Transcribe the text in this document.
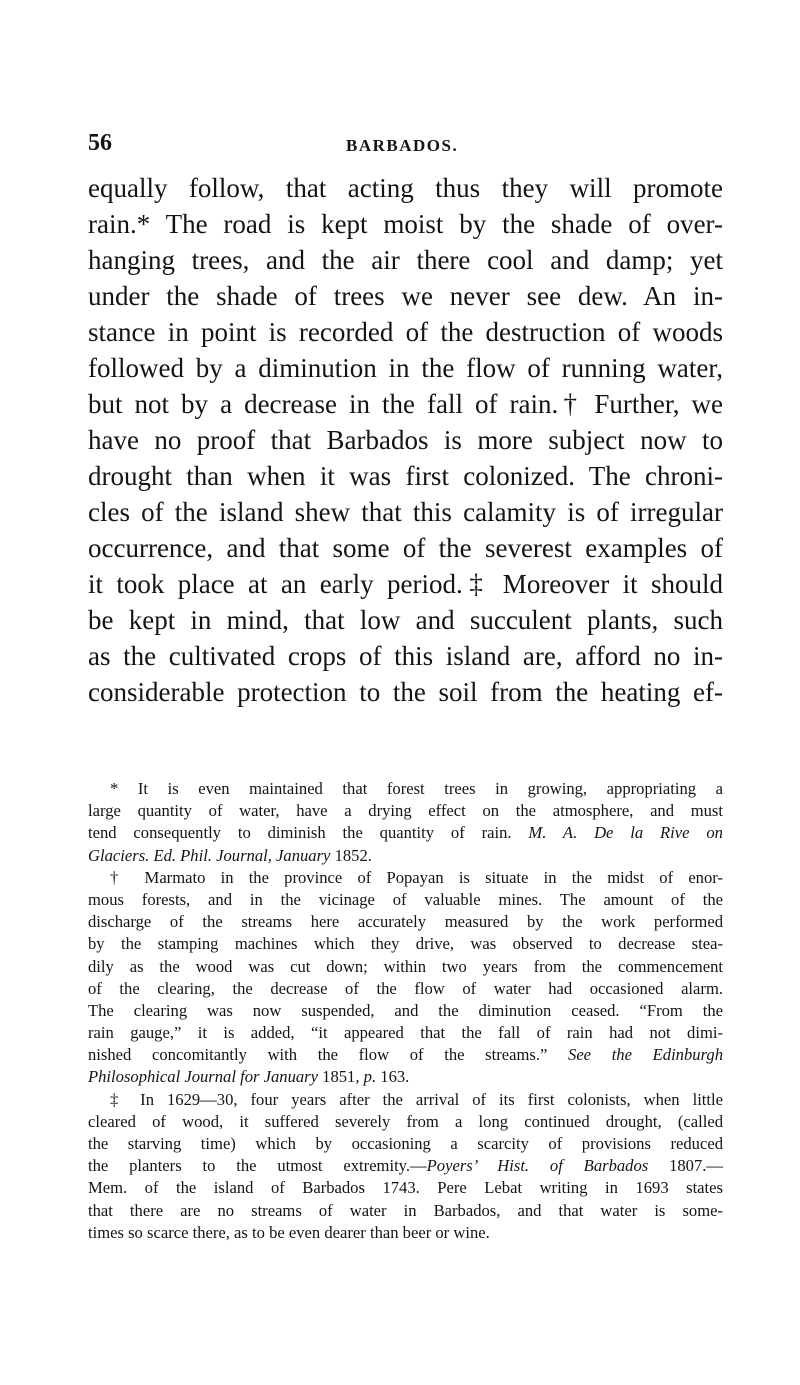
56	BARBADOS.
equally follow, that acting thus they will promote
rain.* The road is kept moist by the shade of over-
hanging trees, and the air there cool and damp; yet
under the shade of trees we never see dew. An in-
stance in point is recorded of the destruction of woods
followed by a diminution in the flow of running water,
but not by a decrease in the fall of rain.† Further, we
have no proof that Barbados is more subject now to
drought than when it was first colonized. The chroni-
cles of the island shew that this calamity is of irregular
occurrence, and that some of the severest examples of
it took place at an early period.‡ Moreover it should
be kept in mind, that low and succulent plants, such
as the cultivated crops of this island are, afford no in-
considerable protection to the soil from the heating ef-
* It is even maintained that forest trees in growing, appropriating a
large quantity of water, have a drying effect on the atmosphere, and must
tend consequently to diminish the quantity of rain. M. A. De la Rive on
Glaciers. Ed. Phil. Journal, January 1852.
† Marmato in the province of Popayan is situate in the midst of enor-
mous forests, and in the vicinage of valuable mines. The amount of the
discharge of the streams here accurately measured by the work performed
by the stamping machines which they drive, was observed to decrease stea-
dily as the wood was cut down; within two years from the commencement
of the clearing, the decrease of the flow of water had occasioned alarm.
The clearing was now suspended, and the diminution ceased. “From the
rain gauge,” it is added, “it appeared that the fall of rain had not dimi-
nished concomitantly with the flow of the streams.” See the Edinburgh
Philosophical Journal for January 1851, p. 163.
‡ In 1629—30, four years after the arrival of its first colonists, when little
cleared of wood, it suffered severely from a long continued drought, (called
the starving time) which by occasioning a scarcity of provisions reduced
the planters to the utmost extremity.—Poyers’ Hist. of Barbados 1807.—
Mem. of the island of Barbados 1743. Pere Lebat writing in 1693 states
that there are no streams of water in Barbados, and that water is some-
times so scarce there, as to be even dearer than beer or wine.
